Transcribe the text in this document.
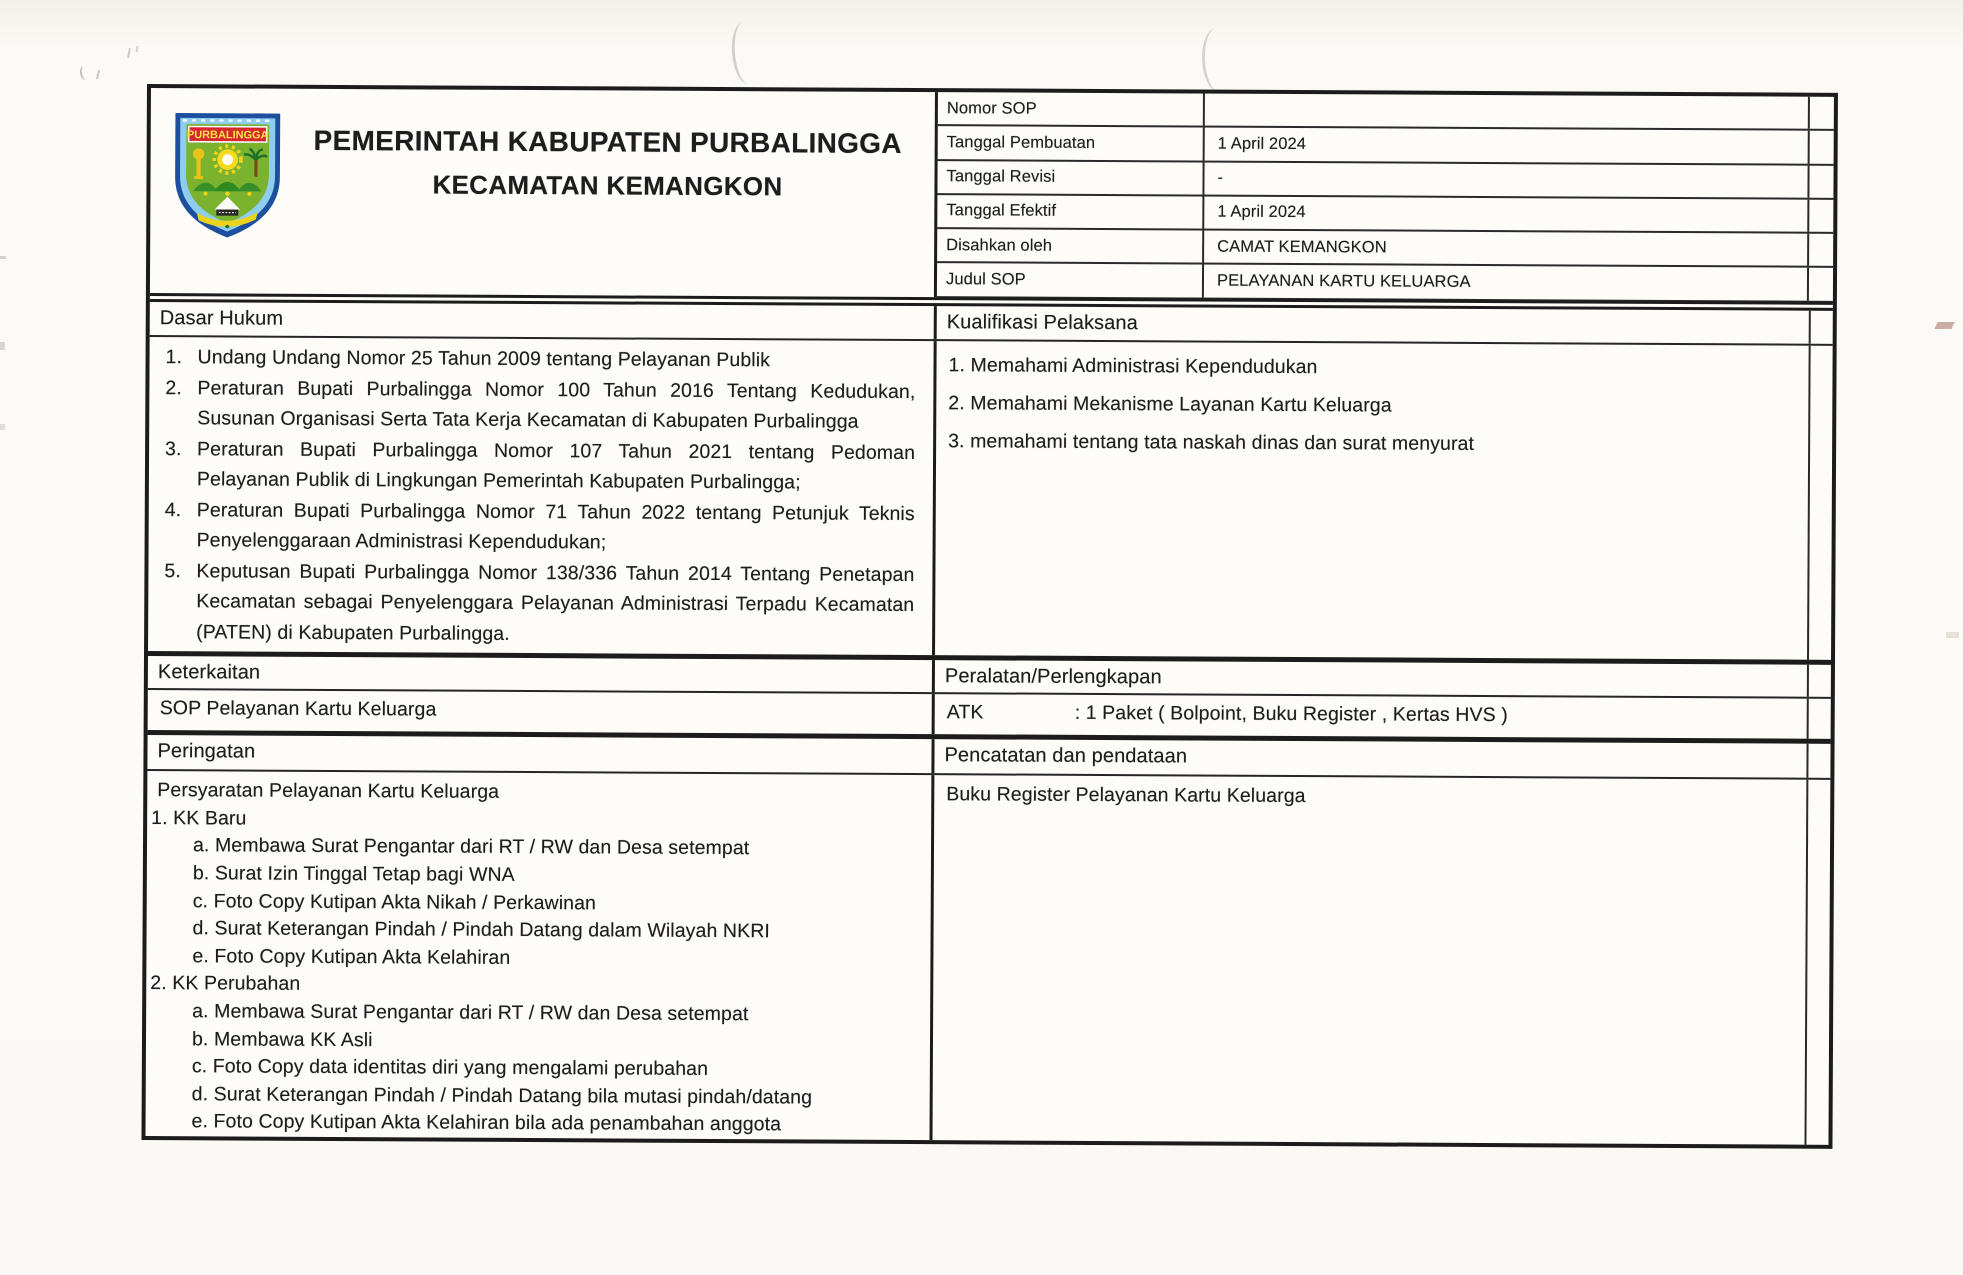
PURBALINGGA	PEMERINTAH KABUPATEN PURBALINGGA
KECAMATAN KEMANGKON
Nomor SOP
Tanggal Pembuatan	1 April 2024
Tanggal Revisi	-
Tanggal Efektif	1 April 2024
Disahkan oleh	CAMAT KEMANGKON
Judul SOP	PELAYANAN KARTU KELUARGA
Dasar Hukum	Kualifikasi Pelaksana
1. Undang Undang Nomor 25 Tahun 2009 tentang Pelayanan Publik
2. Peraturan Bupati Purbalingga Nomor 100 Tahun 2016 Tentang Kedudukan, Susunan Organisasi Serta Tata Kerja Kecamatan di Kabupaten Purbalingga
3. Peraturan Bupati Purbalingga Nomor 107 Tahun 2021 tentang Pedoman Pelayanan Publik di Lingkungan Pemerintah Kabupaten Purbalingga;
4. Peraturan Bupati Purbalingga Nomor 71 Tahun 2022 tentang Petunjuk Teknis Penyelenggaraan Administrasi Kependudukan;
5. Keputusan Bupati Purbalingga Nomor 138/336 Tahun 2014 Tentang Penetapan Kecamatan sebagai Penyelenggara Pelayanan Administrasi Terpadu Kecamatan (PATEN) di Kabupaten Purbalingga.
1. Memahami Administrasi Kependudukan
2. Memahami Mekanisme Layanan Kartu Keluarga
3. memahami tentang tata naskah dinas dan surat menyurat
Keterkaitan	Peralatan/Perlengkapan
SOP Pelayanan Kartu Keluarga	ATK	: 1 Paket ( Bolpoint, Buku Register , Kertas HVS )
Peringatan	Pencatatan dan pendataan
Persyaratan Pelayanan Kartu Keluarga
1. KK Baru
a. Membawa Surat Pengantar dari RT / RW dan Desa setempat
b. Surat Izin Tinggal Tetap bagi WNA
c. Foto Copy Kutipan Akta Nikah / Perkawinan
d. Surat Keterangan Pindah / Pindah Datang dalam Wilayah NKRI
e. Foto Copy Kutipan Akta Kelahiran
2. KK Perubahan
a. Membawa Surat Pengantar dari RT / RW dan Desa setempat
b. Membawa KK Asli
c. Foto Copy data identitas diri yang mengalami perubahan
d. Surat Keterangan Pindah / Pindah Datang bila mutasi pindah/datang
e. Foto Copy Kutipan Akta Kelahiran bila ada penambahan anggota
Buku Register Pelayanan Kartu Keluarga
